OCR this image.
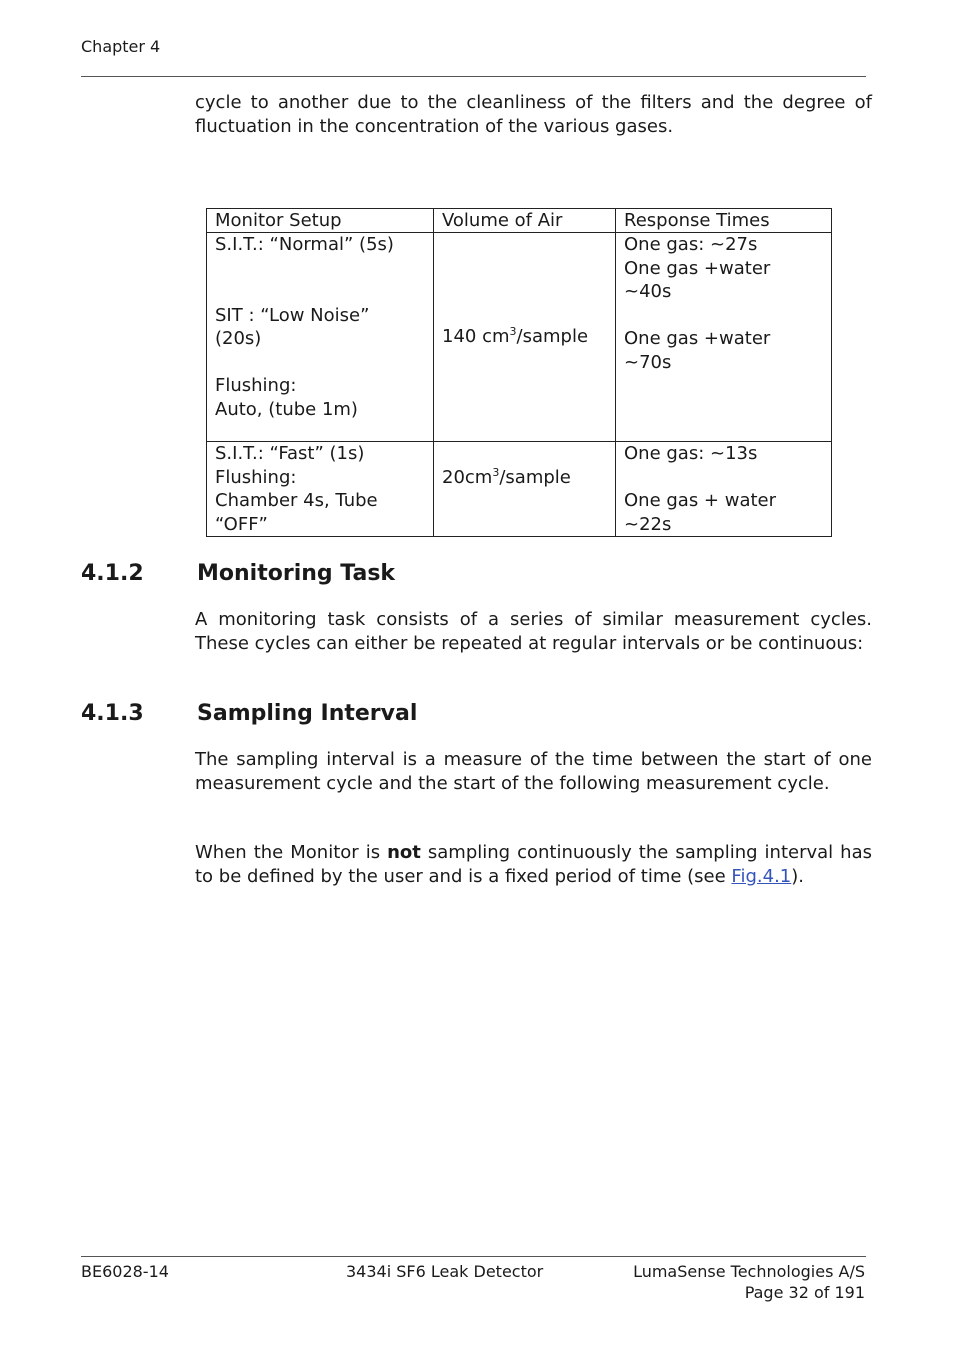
Chapter 4

cycle to another due to the cleanliness of the filters and the degree of fluctuation in the concentration of the various gases.

Monitor Setup	Volume of Air	Response Times

S.I.T.: “Normal” (5s)
SIT : “Low Noise”
(20s)
Flushing:
Auto, (tube 1m)	140 $cm^3$/sample	One gas: ~27s
One gas +water
~40s
One gas +water
~70s

S.I.T.: “Fast” (1s)
Flushing:
Chamber 4s, Tube
“OFF”	$20cm^3$/sample	One gas: ~13s
One gas + water
~22s
4.1.2 Monitoring Task

A monitoring task consists of a series of similar measurement cycles. These cycles can either be repeated at regular intervals or be continuous:

4.1.3 Sampling Interval

The sampling interval is a measure of the time between the start of one measurement cycle and the start of the following measurement cycle.

When the Monitor is not sampling continuously the sampling interval has to be defined by the user and is a fixed period of time (see Fig.4.1).

BE6028-14	3434i SF6 Leak Detector	LumaSense Technologies A/S
Page 32 of 191
